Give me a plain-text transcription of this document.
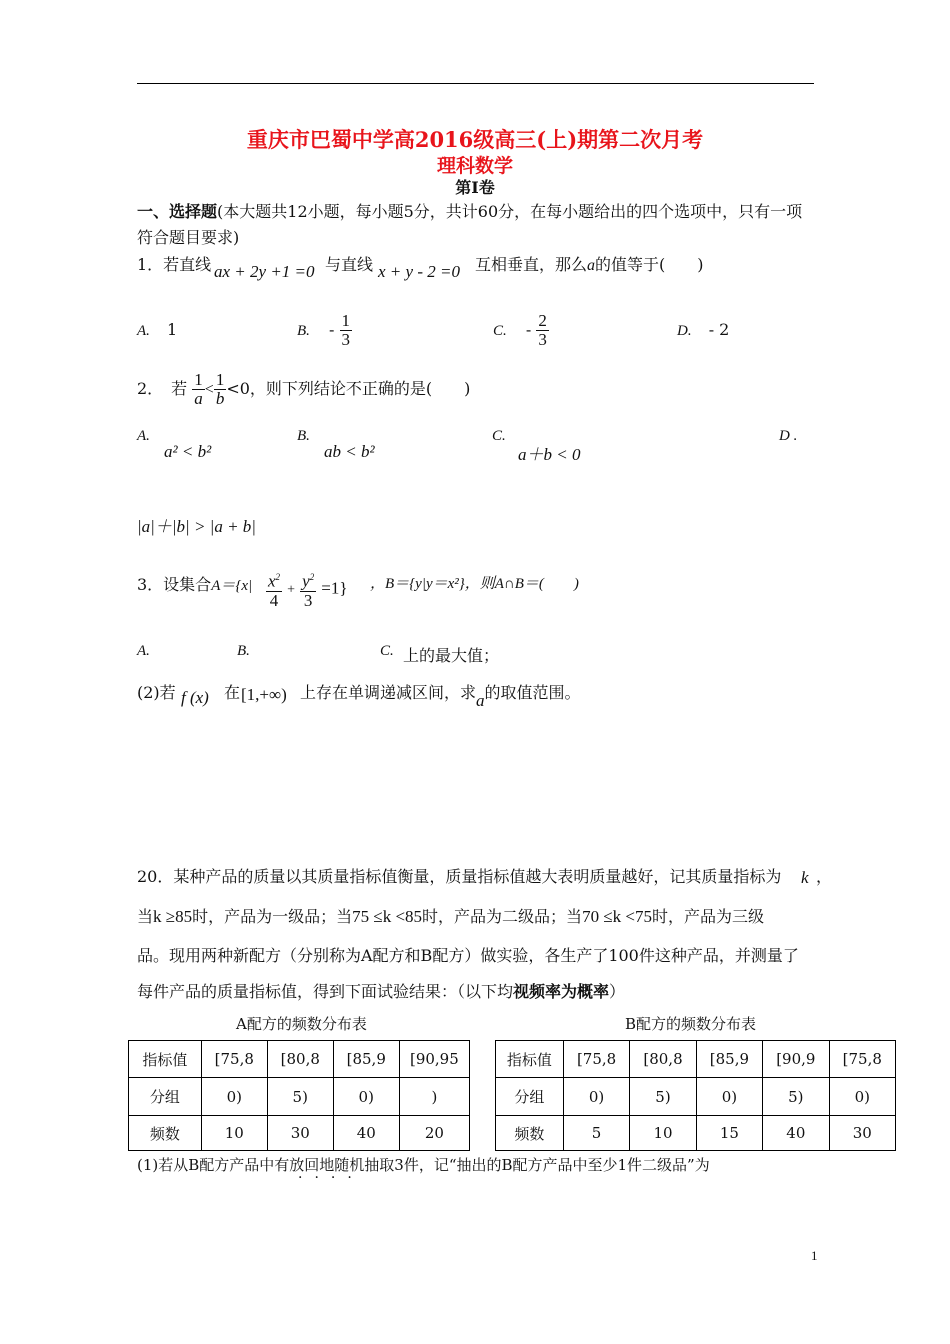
重庆市巴蜀中学高2016级高三(上)期第二次月考
理科数学
第Ⅰ卷
一、选择题(本大题共12小题，每小题5分，共计60分，在每小题给出的四个选项中，只有一项
符合题目要求)
1．若直线 ax + 2y +1 =0 与直线 x + y - 2 =0 互相垂直，那么a的值等于(　　)
A. 1	B. - $\frac{1}{3}$	C. - $\frac{2}{3}$	D. - 2
2．　若 $\frac{1}{a} < \frac{1}{b} <0$，则下列结论不正确的是(　　)
A.
a² < b²
B.
ab < b²
C.
a＋b < 0
D .
|a|＋|b| > |a + b|
3．设集合$A=\{x| \frac{x^2}{4} + \frac{y^2}{3} =1\}$ ，B＝{y|y＝x²}，则A∩B＝(　　)
A.	B.	C. 上的最大值；
(2)若 f (x) 在 [1,+∞) 上存在单调递减区间，求a的取值范围。
20．某种产品的质量以其质量指标值衡量，质量指标值越大表明质量越好，记其质量指标为 k ，
当k ≥85时，产品为一级品；当75 ≤k <85时，产品为二级品；当70 ≤k <75时，产品为三级
品。现用两种新配方（分别称为A配方和B配方）做实验，各生产了100件这种产品，并测量了
每件产品的质量指标值，得到下面试验结果：（以下均视频率为概率）
A配方的频数分布表	B配方的频数分布表
指标值	[75,8	[80,8	[85,9	[90,95
分组	0)	5)	0)	)
频数	10	30	40	20
指标值	[75,8	[80,8	[85,9	[90,9	[75,8
分组	0)	5)	0)	5)	0)
频数	5	10	15	40	30
(1)若从B配方产品中有放回地随机抽取3件，记“抽出的B配方产品中至少1件二级品”为
····
1
